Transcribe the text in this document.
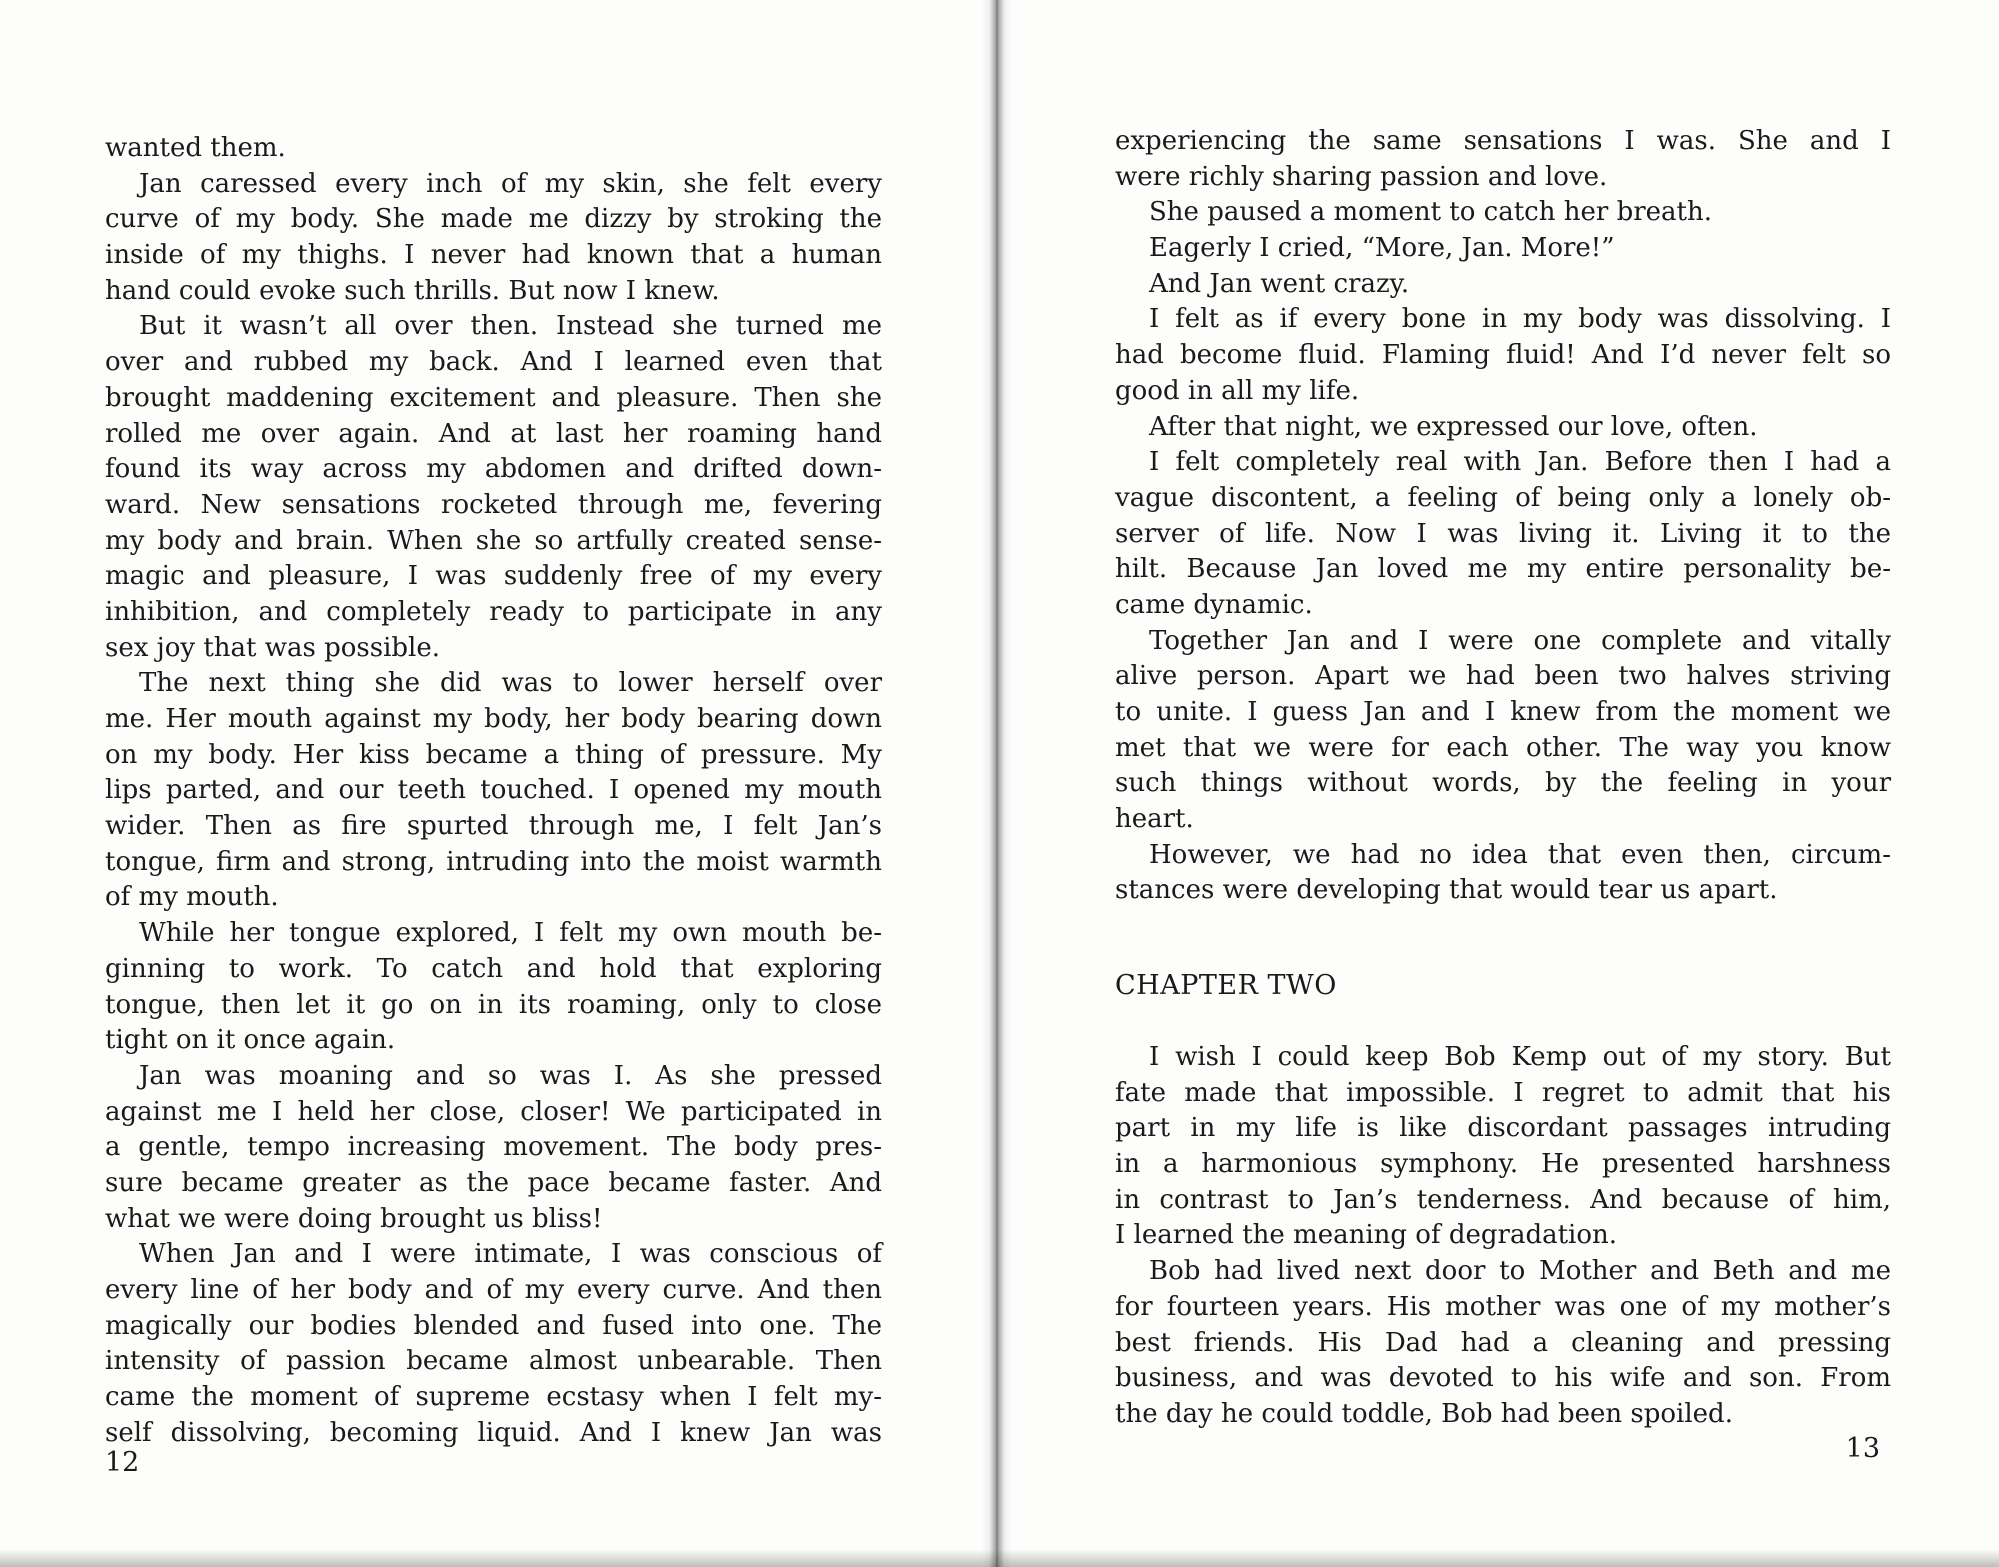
wanted them.
Jan caressed every inch of my skin, she felt every
curve of my body. She made me dizzy by stroking the
inside of my thighs. I never had known that a human
hand could evoke such thrills. But now I knew.
But it wasn’t all over then. Instead she turned me
over and rubbed my back. And I learned even that
brought maddening excitement and pleasure. Then she
rolled me over again. And at last her roaming hand
found its way across my abdomen and drifted down-
ward. New sensations rocketed through me, fevering
my body and brain. When she so artfully created sense-
magic and pleasure, I was suddenly free of my every
inhibition, and completely ready to participate in any
sex joy that was possible.
The next thing she did was to lower herself over
me. Her mouth against my body, her body bearing down
on my body. Her kiss became a thing of pressure. My
lips parted, and our teeth touched. I opened my mouth
wider. Then as fire spurted through me, I felt Jan’s
tongue, firm and strong, intruding into the moist warmth
of my mouth.
While her tongue explored, I felt my own mouth be-
ginning to work. To catch and hold that exploring
tongue, then let it go on in its roaming, only to close
tight on it once again.
Jan was moaning and so was I. As she pressed
against me I held her close, closer! We participated in
a gentle, tempo increasing movement. The body pres-
sure became greater as the pace became faster. And
what we were doing brought us bliss!
When Jan and I were intimate, I was conscious of
every line of her body and of my every curve. And then
magically our bodies blended and fused into one. The
intensity of passion became almost unbearable. Then
came the moment of supreme ecstasy when I felt my-
self dissolving, becoming liquid. And I knew Jan was
12
experiencing the same sensations I was. She and I
were richly sharing passion and love.
She paused a moment to catch her breath.
Eagerly I cried, “More, Jan. More!”
And Jan went crazy.
I felt as if every bone in my body was dissolving. I
had become fluid. Flaming fluid! And I’d never felt so
good in all my life.
After that night, we expressed our love, often.
I felt completely real with Jan. Before then I had a
vague discontent, a feeling of being only a lonely ob-
server of life. Now I was living it. Living it to the
hilt. Because Jan loved me my entire personality be-
came dynamic.
Together Jan and I were one complete and vitally
alive person. Apart we had been two halves striving
to unite. I guess Jan and I knew from the moment we
met that we were for each other. The way you know
such things without words, by the feeling in your
heart.
However, we had no idea that even then, circum-
stances were developing that would tear us apart.
CHAPTER TWO
I wish I could keep Bob Kemp out of my story. But
fate made that impossible. I regret to admit that his
part in my life is like discordant passages intruding
in a harmonious symphony. He presented harshness
in contrast to Jan’s tenderness. And because of him,
I learned the meaning of degradation.
Bob had lived next door to Mother and Beth and me
for fourteen years. His mother was one of my mother’s
best friends. His Dad had a cleaning and pressing
business, and was devoted to his wife and son. From
the day he could toddle, Bob had been spoiled.
13
